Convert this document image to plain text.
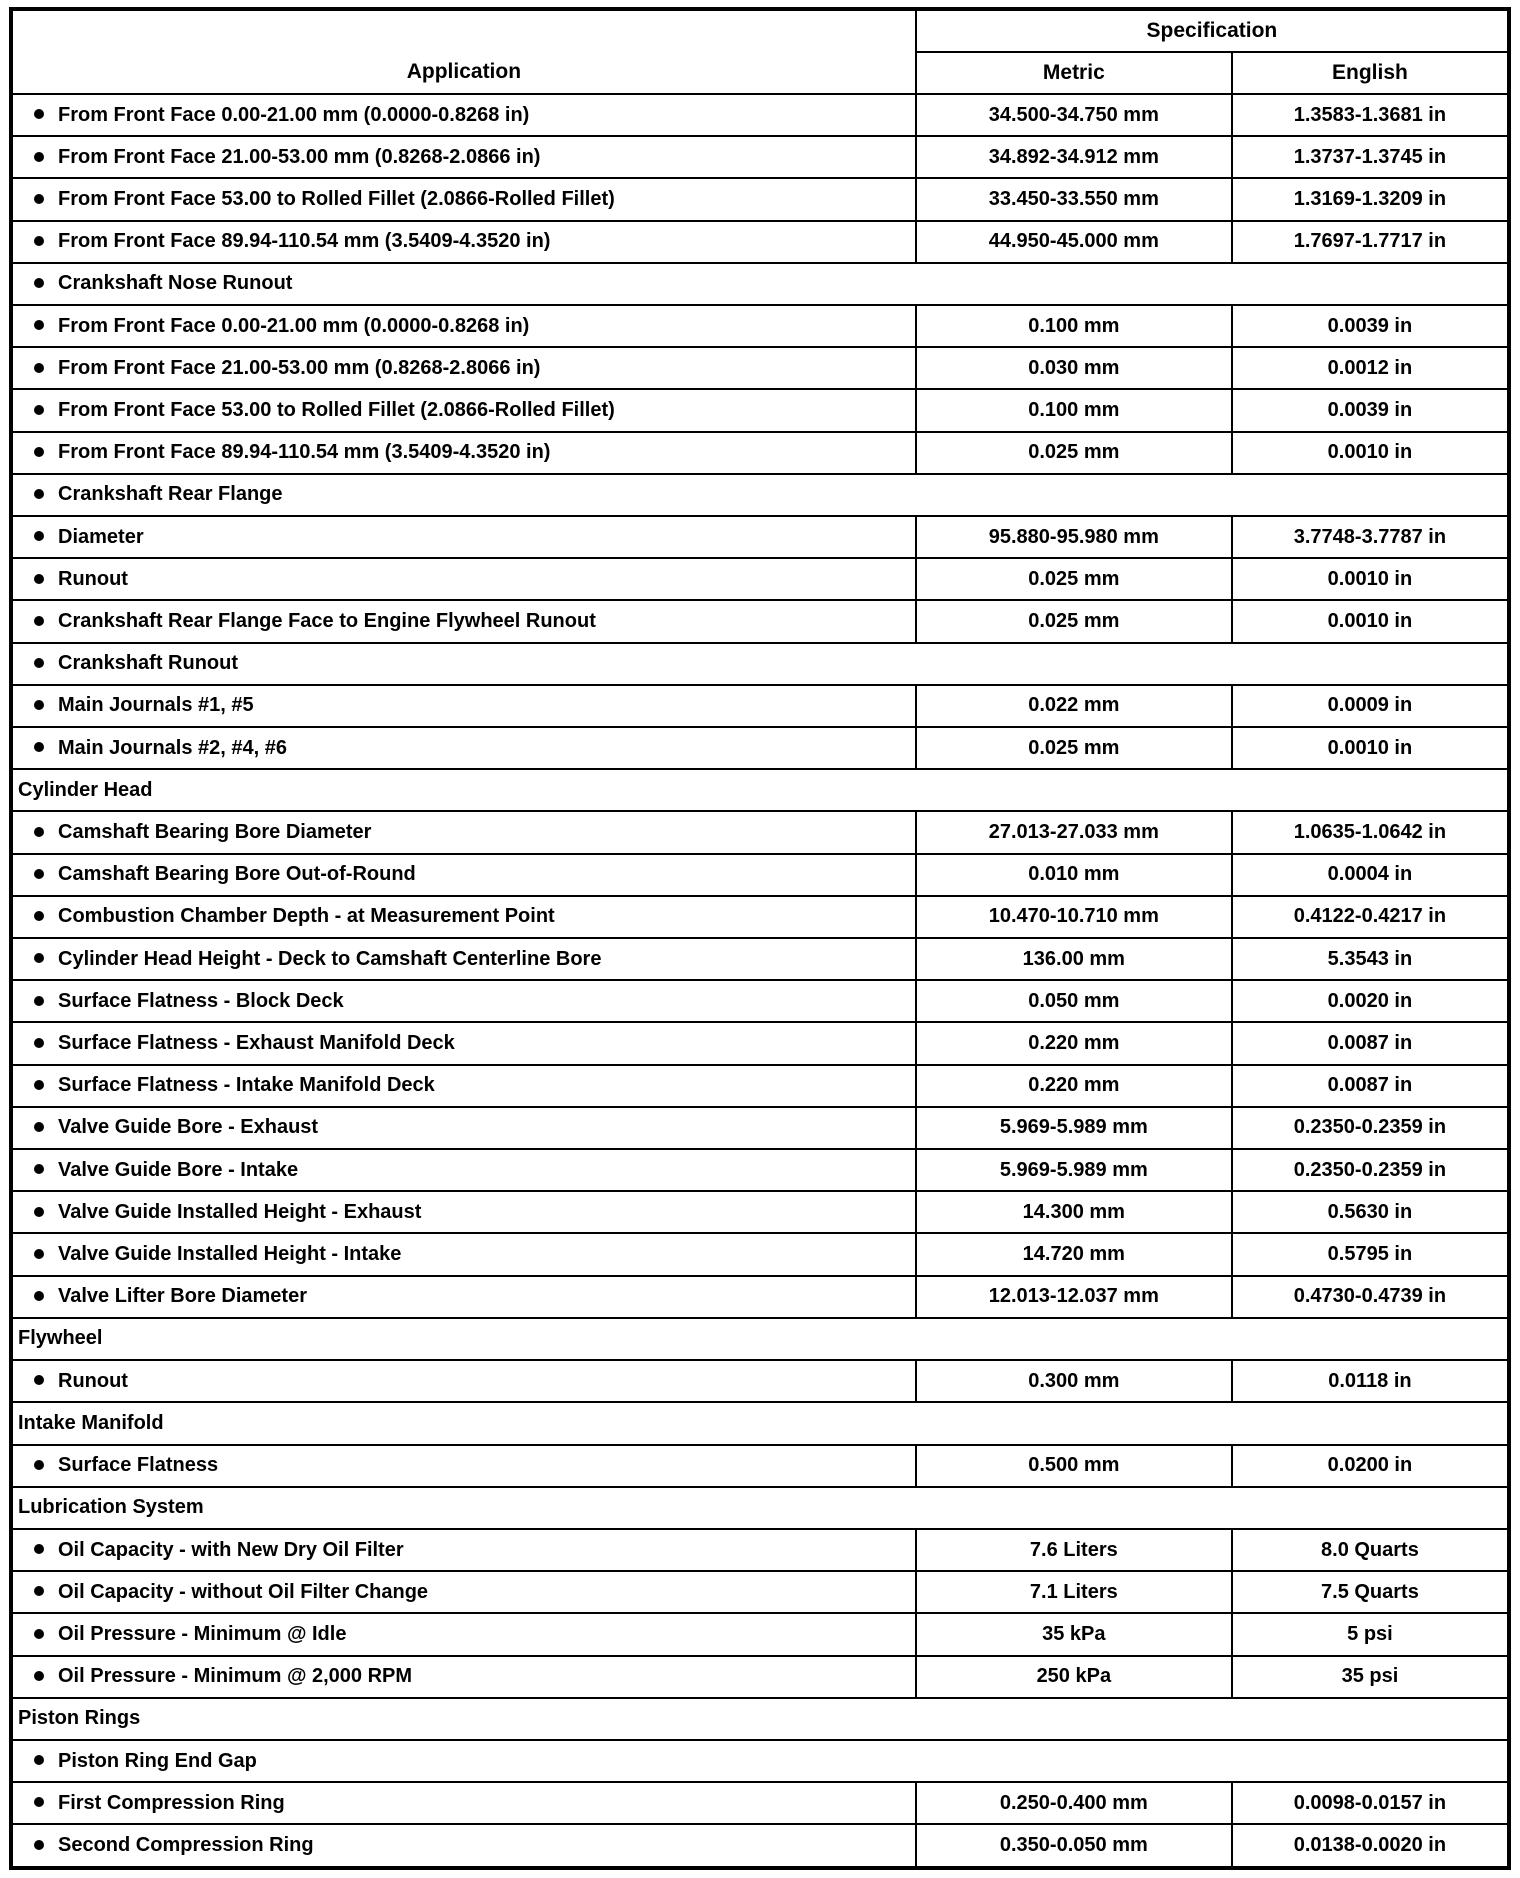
Application	Specification	
	Metric	English
From Front Face 0.00-21.00 mm (0.0000-0.8268 in)	34.500-34.750 mm	1.3583-1.3681 in
From Front Face 21.00-53.00 mm (0.8268-2.0866 in)	34.892-34.912 mm	1.3737-1.3745 in
From Front Face 53.00 to Rolled Fillet (2.0866-Rolled Fillet)	33.450-33.550 mm	1.3169-1.3209 in
From Front Face 89.94-110.54 mm (3.5409-4.3520 in)	44.950-45.000 mm	1.7697-1.7717 in
Crankshaft Nose Runout		
From Front Face 0.00-21.00 mm (0.0000-0.8268 in)	0.100 mm	0.0039 in
From Front Face 21.00-53.00 mm (0.8268-2.8066 in)	0.030 mm	0.0012 in
From Front Face 53.00 to Rolled Fillet (2.0866-Rolled Fillet)	0.100 mm	0.0039 in
From Front Face 89.94-110.54 mm (3.5409-4.3520 in)	0.025 mm	0.0010 in
Crankshaft Rear Flange		
Diameter	95.880-95.980 mm	3.7748-3.7787 in
Runout	0.025 mm	0.0010 in
Crankshaft Rear Flange Face to Engine Flywheel Runout	0.025 mm	0.0010 in
Crankshaft Runout		
Main Journals #1, #5	0.022 mm	0.0009 in
Main Journals #2, #4, #6	0.025 mm	0.0010 in
Cylinder Head		
Camshaft Bearing Bore Diameter	27.013-27.033 mm	1.0635-1.0642 in
Camshaft Bearing Bore Out-of-Round	0.010 mm	0.0004 in
Combustion Chamber Depth - at Measurement Point	10.470-10.710 mm	0.4122-0.4217 in
Cylinder Head Height - Deck to Camshaft Centerline Bore	136.00 mm	5.3543 in
Surface Flatness - Block Deck	0.050 mm	0.0020 in
Surface Flatness - Exhaust Manifold Deck	0.220 mm	0.0087 in
Surface Flatness - Intake Manifold Deck	0.220 mm	0.0087 in
Valve Guide Bore - Exhaust	5.969-5.989 mm	0.2350-0.2359 in
Valve Guide Bore - Intake	5.969-5.989 mm	0.2350-0.2359 in
Valve Guide Installed Height - Exhaust	14.300 mm	0.5630 in
Valve Guide Installed Height - Intake	14.720 mm	0.5795 in
Valve Lifter Bore Diameter	12.013-12.037 mm	0.4730-0.4739 in
Flywheel		
Runout	0.300 mm	0.0118 in
Intake Manifold		
Surface Flatness	0.500 mm	0.0200 in
Lubrication System		
Oil Capacity - with New Dry Oil Filter	7.6 Liters	8.0 Quarts
Oil Capacity - without Oil Filter Change	7.1 Liters	7.5 Quarts
Oil Pressure - Minimum @ Idle	35 kPa	5 psi
Oil Pressure - Minimum @ 2,000 RPM	250 kPa	35 psi
Piston Rings		
Piston Ring End Gap		
First Compression Ring	0.250-0.400 mm	0.0098-0.0157 in
Second Compression Ring	0.350-0.050 mm	0.0138-0.0020 in
